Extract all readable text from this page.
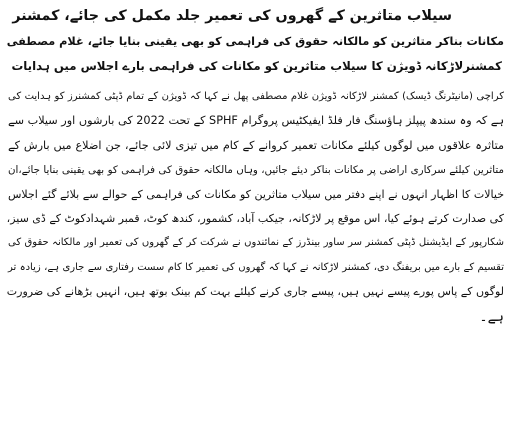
سیلاب متاثرین کے گھروں کی تعمیر جلد مکمل کی جائے، کمشنر

مکانات بناکر متاثرین کو مالکانہ حقوق کی فراہمی کو بھی یقینی بنایا جائے، غلام مصطفی

کمشنرلاڑکانہ ڈویژن کا سیلاب متاثرین کو مکانات کی فراہمی بارے اجلاس میں ہدایات

کراچی (مانیٹرنگ ڈیسک) کمشنر لاڑکانہ ڈویژن غلام مصطفی پھل نے کہا کہ ڈویژن کے تمام ڈپٹی کمشنرز کو ہدایت کی

ہے کہ وہ سندھ پیپلز ہاؤسنگ فار فلڈ ایفیکٹیس پروگرام SPHF کے تحت 2022 کی بارشوں اور سیلاب سے

متاثرہ علاقوں میں لوگوں کیلئے مکانات تعمیر کروانے کے کام میں تیزی لائی جائے، جن اضلاع میں بارش کے

متاثرین کیلئے سرکاری اراضی پر مکانات بناکر دیئے جائیں، وہاں مالکانہ حقوق کی فراہمی کو بھی یقینی بنایا جائے،ان

خیالات کا اظہار انہوں نے اپنے دفتر میں سیلاب متاثرین کو مکانات کی فراہمی کے حوالے سے بلائے گئے اجلاس

کی صدارت کرتے ہوئے کیا، اس موقع پر لاڑکانہ، جیکب آباد، کشمور، کندھ کوٹ، قمبر شہدادکوٹ کے ڈی سیز،

شکارپور کے ایڈیشنل ڈپٹی کمشنر سر ساور بینڈرز کے نمائندوں نے شرکت کر کے گھروں کی تعمیر اور مالکانہ حقوق کی

تقسیم کے بارے میں بریفنگ دی، کمشنر لاڑکانہ نے کہا کہ گھروں کی تعمیر کا کام سست رفتاری سے جاری ہے، زیادہ تر

لوگوں کے پاس پورے پیسے نہیں ہیں، پیسے جاری کرنے کیلئے بہت کم بینک بوتھ ہیں، انہیں بڑھانے کی ضرورت

ہے۔
